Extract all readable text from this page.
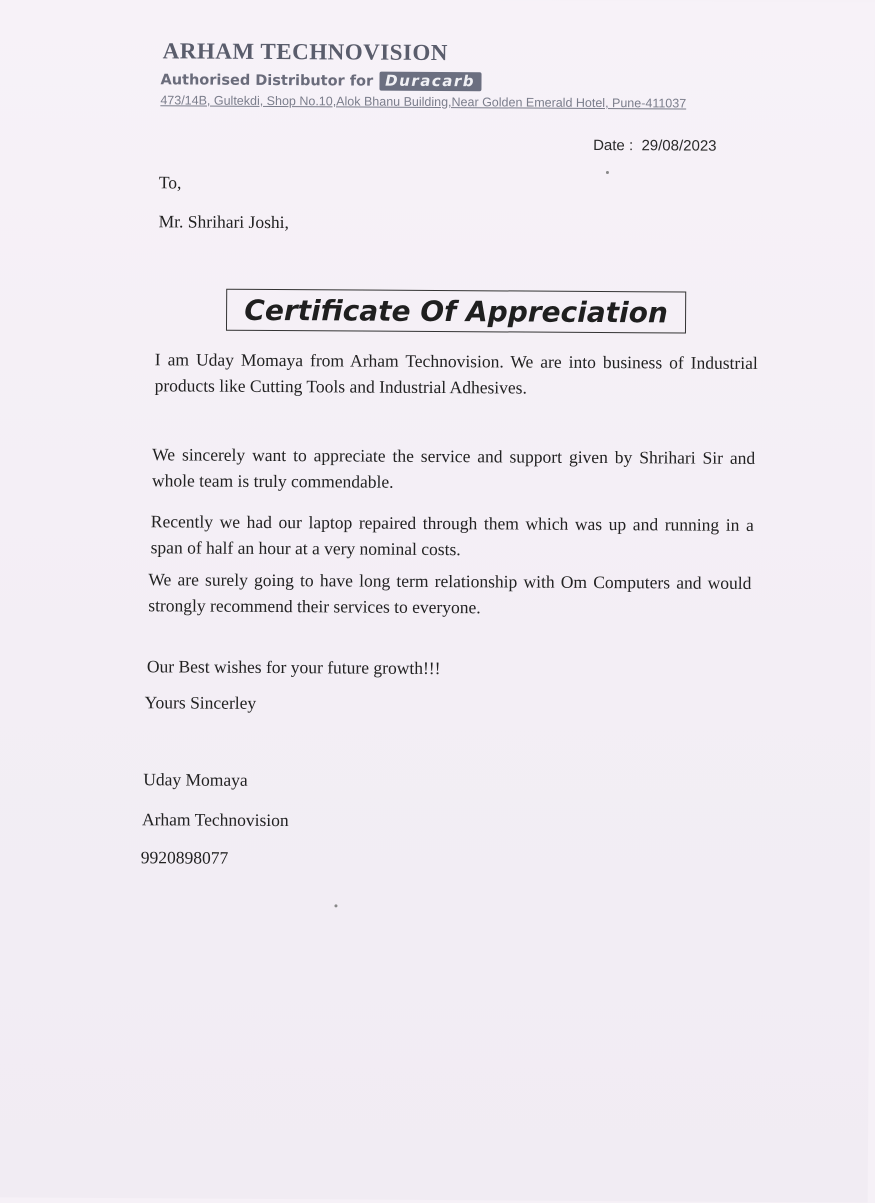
ARHAM TECHNOVISION
Authorised Distributor for Duracarb
473/14B, Gultekdi, Shop No.10,Alok Bhanu Building,Near Golden Emerald Hotel, Pune-411037
Date :  29/08/2023
To,
Mr. Shrihari Joshi,
Certificate Of Appreciation
I am Uday Momaya from Arham Technovision. We are into business of Industrial products like Cutting Tools and Industrial Adhesives.
We sincerely want to appreciate the service and support given by Shrihari Sir and whole team is truly commendable.
Recently we had our laptop repaired through them which was up and running in a span of half an hour at a very nominal costs.
We are surely going to have long term relationship with Om Computers and would strongly recommend their services to everyone.
Our Best wishes for your future growth!!!
Yours Sincerley
Uday Momaya
Arham Technovision
9920898077
